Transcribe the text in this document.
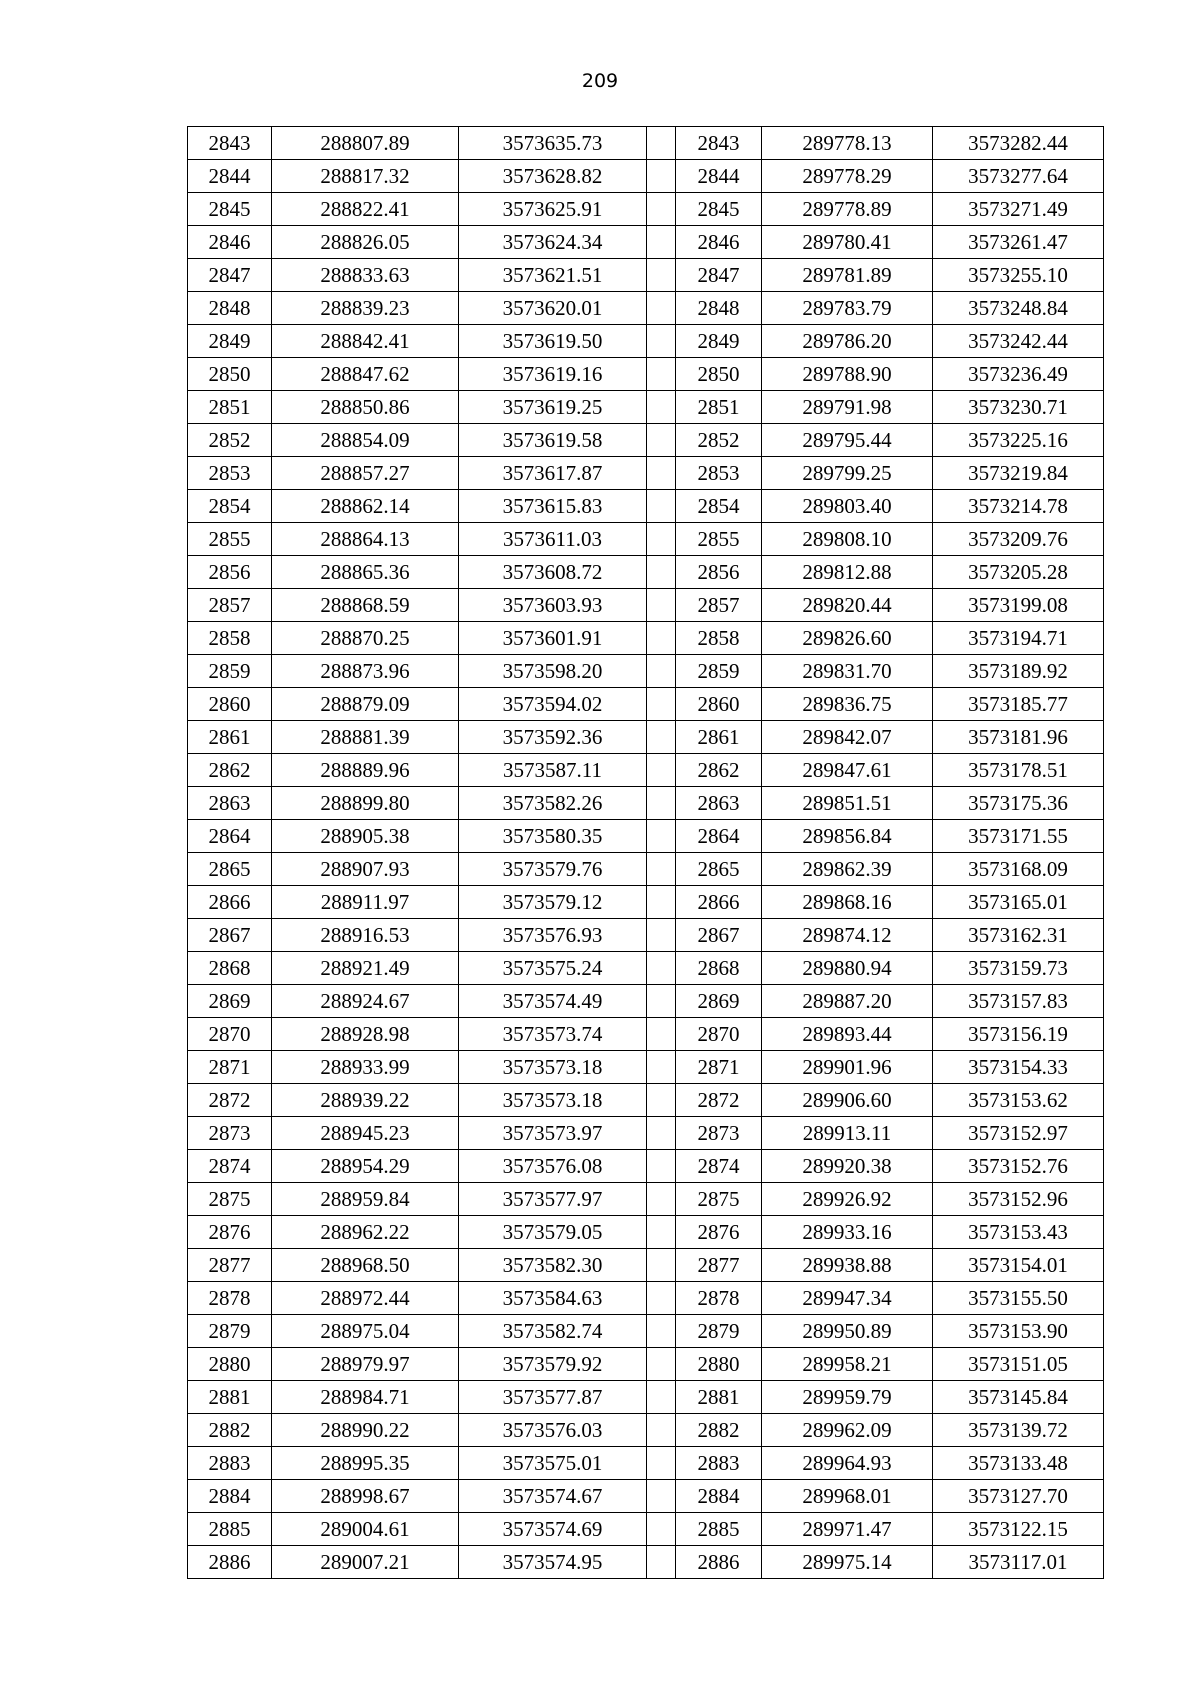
209
2843	288807.89	3573635.73		2843	289778.13	3573282.44
2844	288817.32	3573628.82		2844	289778.29	3573277.64
2845	288822.41	3573625.91		2845	289778.89	3573271.49
2846	288826.05	3573624.34		2846	289780.41	3573261.47
2847	288833.63	3573621.51		2847	289781.89	3573255.10
2848	288839.23	3573620.01		2848	289783.79	3573248.84
2849	288842.41	3573619.50		2849	289786.20	3573242.44
2850	288847.62	3573619.16		2850	289788.90	3573236.49
2851	288850.86	3573619.25		2851	289791.98	3573230.71
2852	288854.09	3573619.58		2852	289795.44	3573225.16
2853	288857.27	3573617.87		2853	289799.25	3573219.84
2854	288862.14	3573615.83		2854	289803.40	3573214.78
2855	288864.13	3573611.03		2855	289808.10	3573209.76
2856	288865.36	3573608.72		2856	289812.88	3573205.28
2857	288868.59	3573603.93		2857	289820.44	3573199.08
2858	288870.25	3573601.91		2858	289826.60	3573194.71
2859	288873.96	3573598.20		2859	289831.70	3573189.92
2860	288879.09	3573594.02		2860	289836.75	3573185.77
2861	288881.39	3573592.36		2861	289842.07	3573181.96
2862	288889.96	3573587.11		2862	289847.61	3573178.51
2863	288899.80	3573582.26		2863	289851.51	3573175.36
2864	288905.38	3573580.35		2864	289856.84	3573171.55
2865	288907.93	3573579.76		2865	289862.39	3573168.09
2866	288911.97	3573579.12		2866	289868.16	3573165.01
2867	288916.53	3573576.93		2867	289874.12	3573162.31
2868	288921.49	3573575.24		2868	289880.94	3573159.73
2869	288924.67	3573574.49		2869	289887.20	3573157.83
2870	288928.98	3573573.74		2870	289893.44	3573156.19
2871	288933.99	3573573.18		2871	289901.96	3573154.33
2872	288939.22	3573573.18		2872	289906.60	3573153.62
2873	288945.23	3573573.97		2873	289913.11	3573152.97
2874	288954.29	3573576.08		2874	289920.38	3573152.76
2875	288959.84	3573577.97		2875	289926.92	3573152.96
2876	288962.22	3573579.05		2876	289933.16	3573153.43
2877	288968.50	3573582.30		2877	289938.88	3573154.01
2878	288972.44	3573584.63		2878	289947.34	3573155.50
2879	288975.04	3573582.74		2879	289950.89	3573153.90
2880	288979.97	3573579.92		2880	289958.21	3573151.05
2881	288984.71	3573577.87		2881	289959.79	3573145.84
2882	288990.22	3573576.03		2882	289962.09	3573139.72
2883	288995.35	3573575.01		2883	289964.93	3573133.48
2884	288998.67	3573574.67		2884	289968.01	3573127.70
2885	289004.61	3573574.69		2885	289971.47	3573122.15
2886	289007.21	3573574.95		2886	289975.14	3573117.01
